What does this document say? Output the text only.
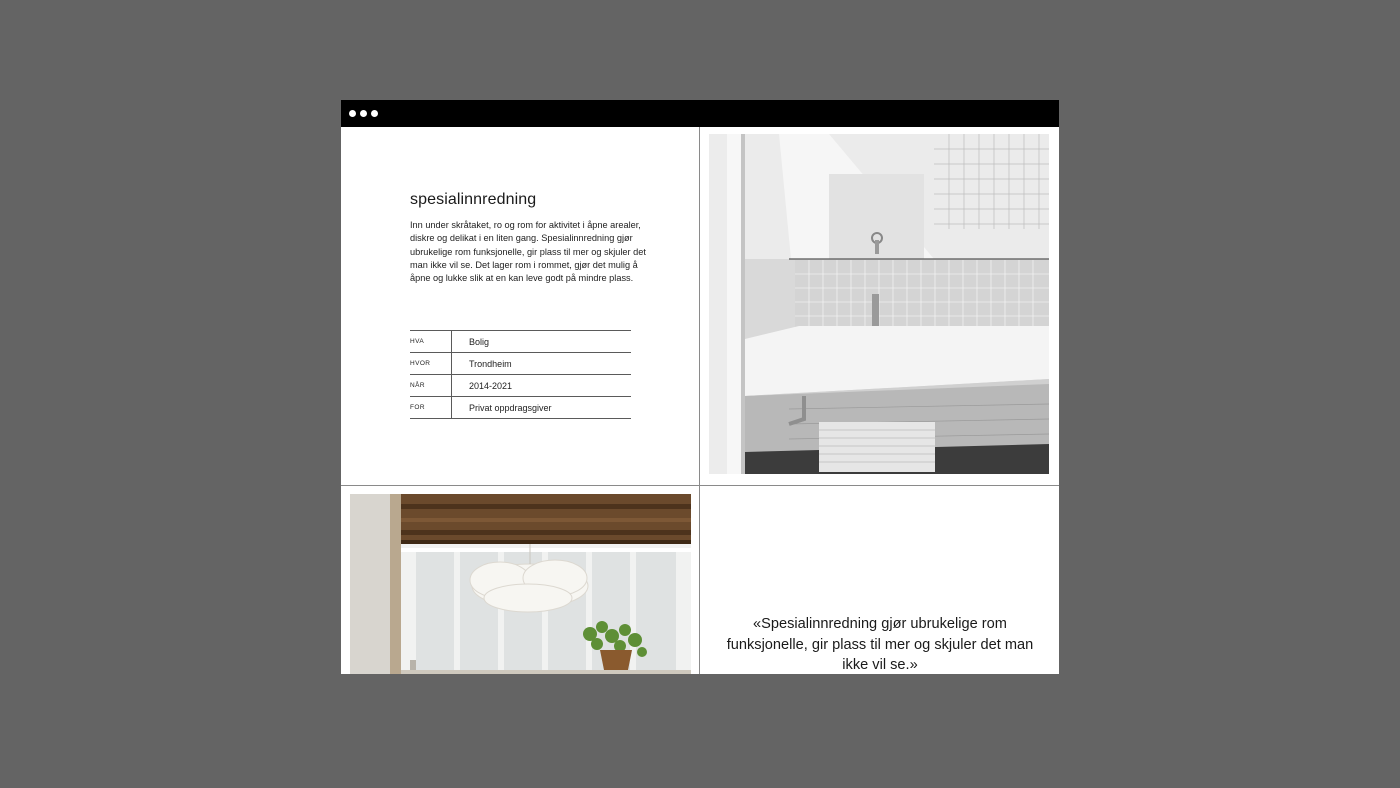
spesialinnredning

Inn under skråtaket, ro og rom for aktivitet i åpne arealer, diskre og delikat i en liten gang. Spesialinnredning gjør ubrukelige rom funksjonelle, gir plass til mer og skjuler det man ikke vil se. Det lager rom i rommet, gjør det mulig å åpne og lukke slik at en kan leve godt på mindre plass.

HVA	Bolig
HVOR	Trondheim
NÅR	2014-2021
FOR	Privat oppdragsgiver

«Spesialinnredning gjør ubrukelige rom funksjonelle, gir plass til mer og skjuler det man ikke vil se.»
